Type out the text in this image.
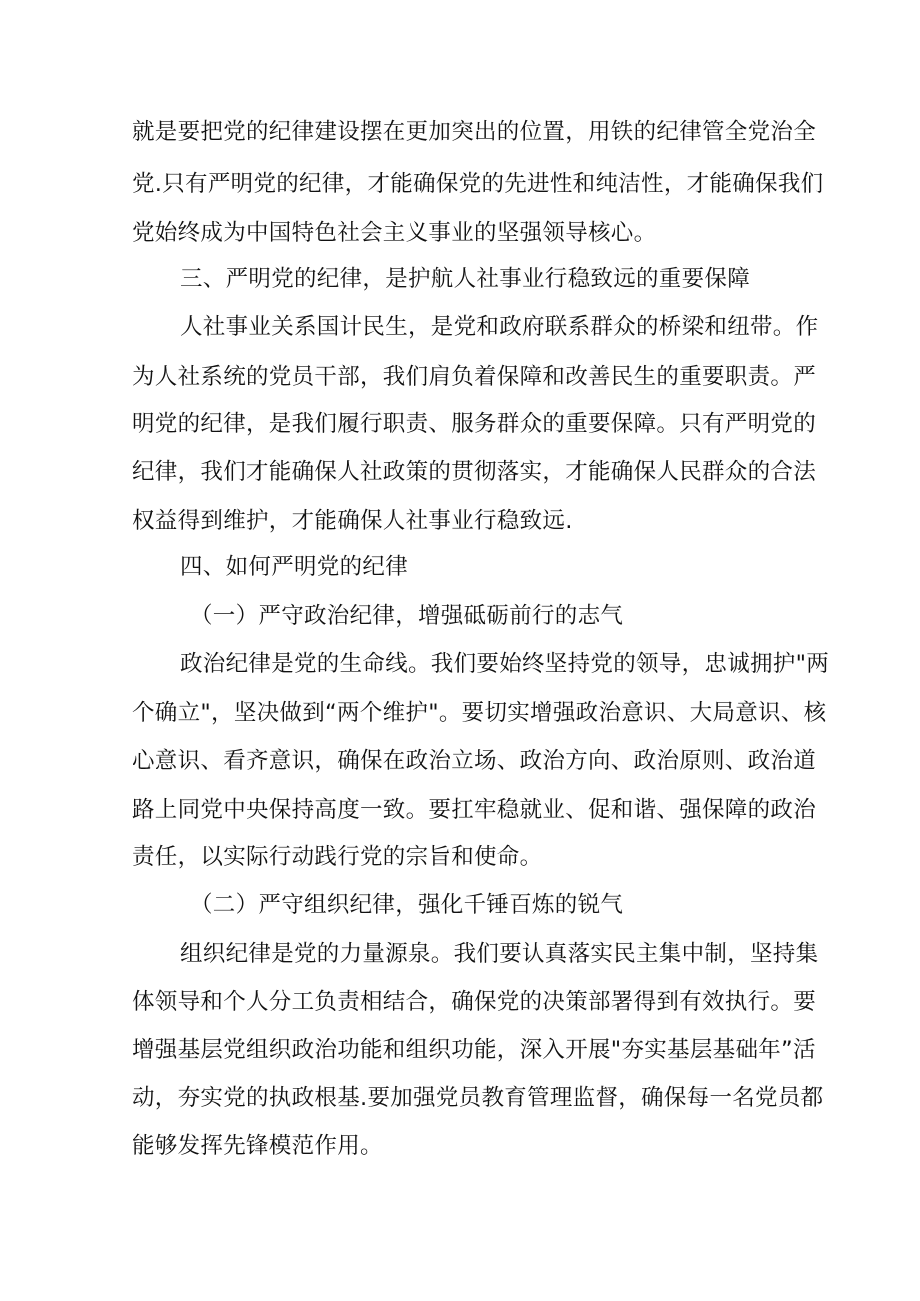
就是要把党的纪律建设摆在更加突出的位置，用铁的纪律管全党治全
党.只有严明党的纪律，才能确保党的先进性和纯洁性，才能确保我们
党始终成为中国特色社会主义事业的坚强领导核心。
三、严明党的纪律，是护航人社事业行稳致远的重要保障
人社事业关系国计民生，是党和政府联系群众的桥梁和纽带。作
为人社系统的党员干部，我们肩负着保障和改善民生的重要职责。严
明党的纪律，是我们履行职责、服务群众的重要保障。只有严明党的
纪律，我们才能确保人社政策的贯彻落实，才能确保人民群众的合法
权益得到维护，才能确保人社事业行稳致远.
四、如何严明党的纪律
（一）严守政治纪律，增强砥砺前行的志气
政治纪律是党的生命线。我们要始终坚持党的领导，忠诚拥护"两
个确立"，坚决做到“两个维护"。要切实增强政治意识、大局意识、核
心意识、看齐意识，确保在政治立场、政治方向、政治原则、政治道
路上同党中央保持高度一致。要扛牢稳就业、促和谐、强保障的政治
责任，以实际行动践行党的宗旨和使命。
（二）严守组织纪律，强化千锤百炼的锐气
组织纪律是党的力量源泉。我们要认真落实民主集中制，坚持集
体领导和个人分工负责相结合，确保党的决策部署得到有效执行。要
增强基层党组织政治功能和组织功能，深入开展"夯实基层基础年”活
动，夯实党的执政根基.要加强党员教育管理监督，确保每一名党员都
能够发挥先锋模范作用。
